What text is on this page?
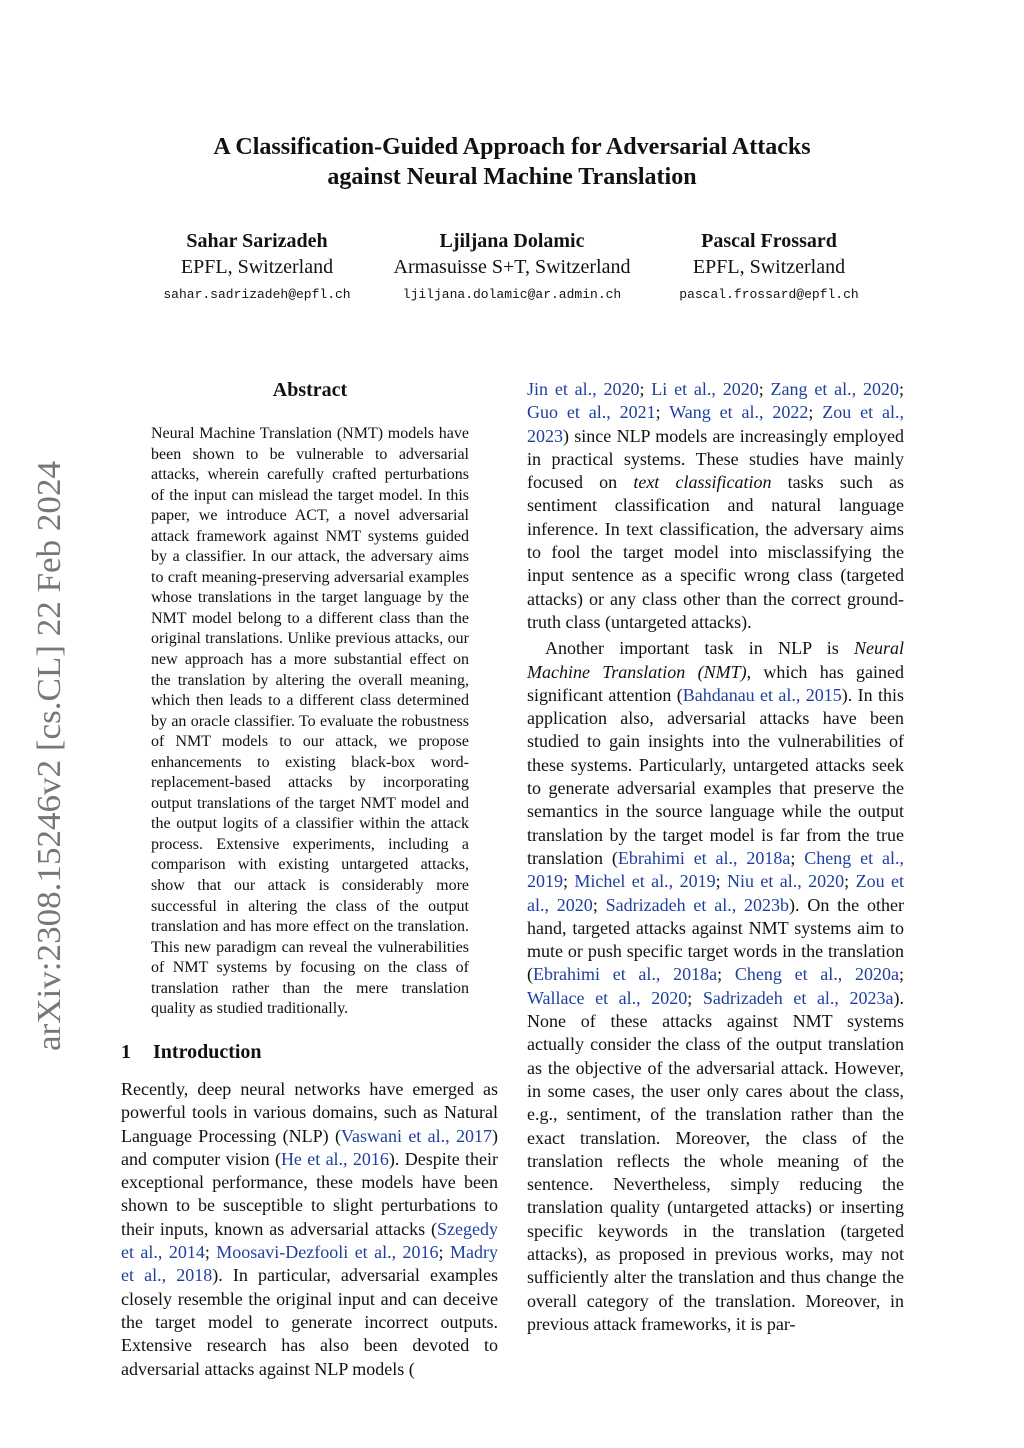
arXiv:2308.15246v2 [cs.CL] 22 Feb 2024
A Classification-Guided Approach for Adversarial Attacks
against Neural Machine Translation
Sahar Sarizadeh
EPFL, Switzerland
sahar.sadrizadeh@epfl.ch
Ljiljana Dolamic
Armasuisse S+T, Switzerland
ljiljana.dolamic@ar.admin.ch
Pascal Frossard
EPFL, Switzerland
pascal.frossard@epfl.ch
Abstract

Neural Machine Translation (NMT) models have been shown to be vulnerable to adversarial attacks, wherein carefully crafted perturbations of the input can mislead the target model. In this paper, we introduce ACT, a novel adversarial attack framework against NMT systems guided by a classifier. In our attack, the adversary aims to craft meaning-preserving adversarial examples whose translations in the target language by the NMT model belong to a different class than the original translations. Unlike previous attacks, our new approach has a more substantial effect on the translation by altering the overall meaning, which then leads to a different class determined by an oracle classifier. To evaluate the robustness of NMT models to our attack, we propose enhancements to existing black-box word-replacement-based attacks by incorporating output translations of the target NMT model and the output logits of a classifier within the attack process. Extensive experiments, including a comparison with existing untargeted attacks, show that our attack is considerably more successful in altering the class of the output translation and has more effect on the translation. This new paradigm can reveal the vulnerabilities of NMT systems by focusing on the class of translation rather than the mere translation quality as studied traditionally.

1 Introduction

Recently, deep neural networks have emerged as powerful tools in various domains, such as Natural Language Processing (NLP) (Vaswani et al., 2017) and computer vision (He et al., 2016). Despite their exceptional performance, these models have been shown to be susceptible to slight perturbations to their inputs, known as adversarial attacks (Szegedy et al., 2014; Moosavi-Dezfooli et al., 2016; Madry et al., 2018). In particular, adversarial examples closely resemble the original input and can deceive the target model to generate incorrect outputs. Extensive research has also been devoted to adversarial attacks against NLP models (

Jin et al., 2020; Li et al., 2020; Zang et al., 2020; Guo et al., 2021; Wang et al., 2022; Zou et al., 2023) since NLP models are increasingly employed in practical systems. These studies have mainly focused on text classification tasks such as sentiment classification and natural language inference. In text classification, the adversary aims to fool the target model into misclassifying the input sentence as a specific wrong class (targeted attacks) or any class other than the correct ground-truth class (untargeted attacks).

Another important task in NLP is Neural Machine Translation (NMT), which has gained significant attention (Bahdanau et al., 2015). In this application also, adversarial attacks have been studied to gain insights into the vulnerabilities of these systems. Particularly, untargeted attacks seek to generate adversarial examples that preserve the semantics in the source language while the output translation by the target model is far from the true translation (Ebrahimi et al., 2018a; Cheng et al., 2019; Michel et al., 2019; Niu et al., 2020; Zou et al., 2020; Sadrizadeh et al., 2023b). On the other hand, targeted attacks against NMT systems aim to mute or push specific target words in the translation (Ebrahimi et al., 2018a; Cheng et al., 2020a; Wallace et al., 2020; Sadrizadeh et al., 2023a). None of these attacks against NMT systems actually consider the class of the output translation as the objective of the adversarial attack. However, in some cases, the user only cares about the class, e.g., sentiment, of the translation rather than the exact translation. Moreover, the class of the translation reflects the whole meaning of the sentence. Nevertheless, simply reducing the translation quality (untargeted attacks) or inserting specific keywords in the translation (targeted attacks), as proposed in previous works, may not sufficiently alter the translation and thus change the overall category of the translation. Moreover, in previous attack frameworks, it is par-
